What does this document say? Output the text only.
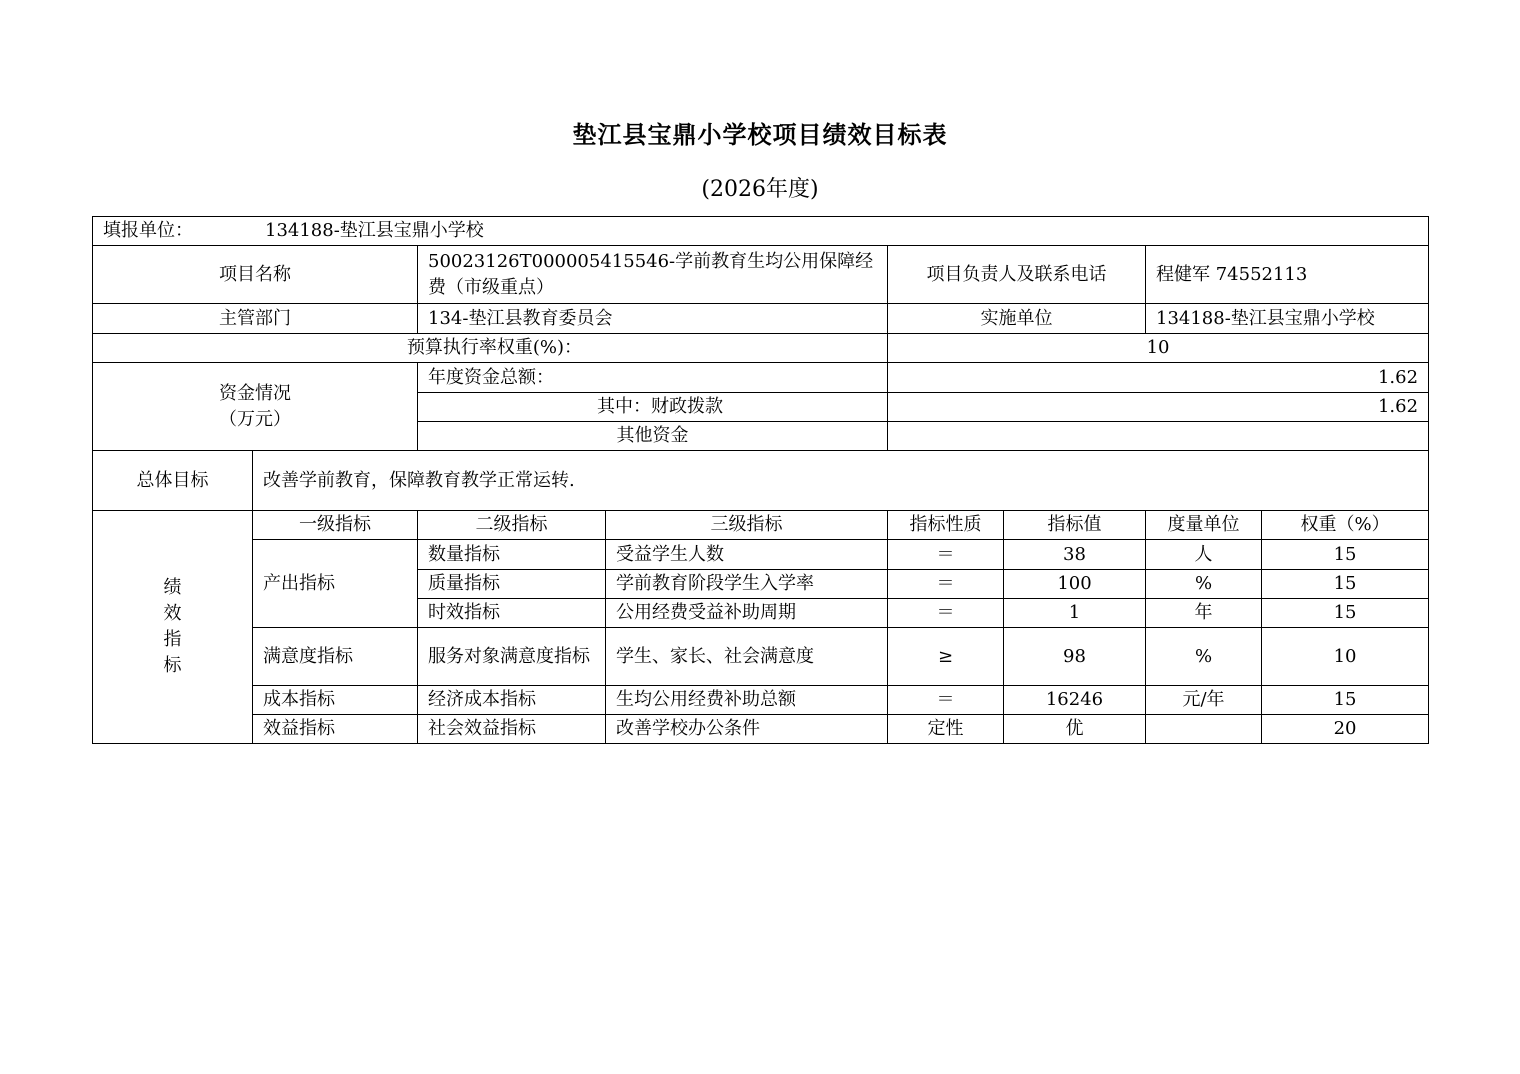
垫江县宝鼎小学校项目绩效目标表
(2026年度)
填报单位： 134188-垫江县宝鼎小学校							
项目名称		50023126T000005415546-学前教育生均公用保障经费（市级重点）		项目负责人及联系电话		程健军 74552113	
主管部门		134-垫江县教育委员会		实施单位		134188-垫江县宝鼎小学校	
预算执行率权重(%)：				10			

资金情况
（万元）		年度资金总额：		1.62			
		其中：财政拨款		1.62			
		其他资金					
总体目标	改善学前教育，保障教育教学正常运转.						

绩
效
指
标	一级指标	二级指标	三级指标	指标性质	指标值	度量单位	权重（%）
	产出指标	数量指标	受益学生人数	＝	38	人	15
		质量指标	学前教育阶段学生入学率	＝	100	%	15
		时效指标	公用经费受益补助周期	＝	1	年	15
	满意度指标	服务对象满意度指标	学生、家长、社会满意度	≥	98	%	10
	成本指标	经济成本指标	生均公用经费补助总额	＝	16246	元/年	15
	效益指标	社会效益指标	改善学校办公条件	定性	优		20
